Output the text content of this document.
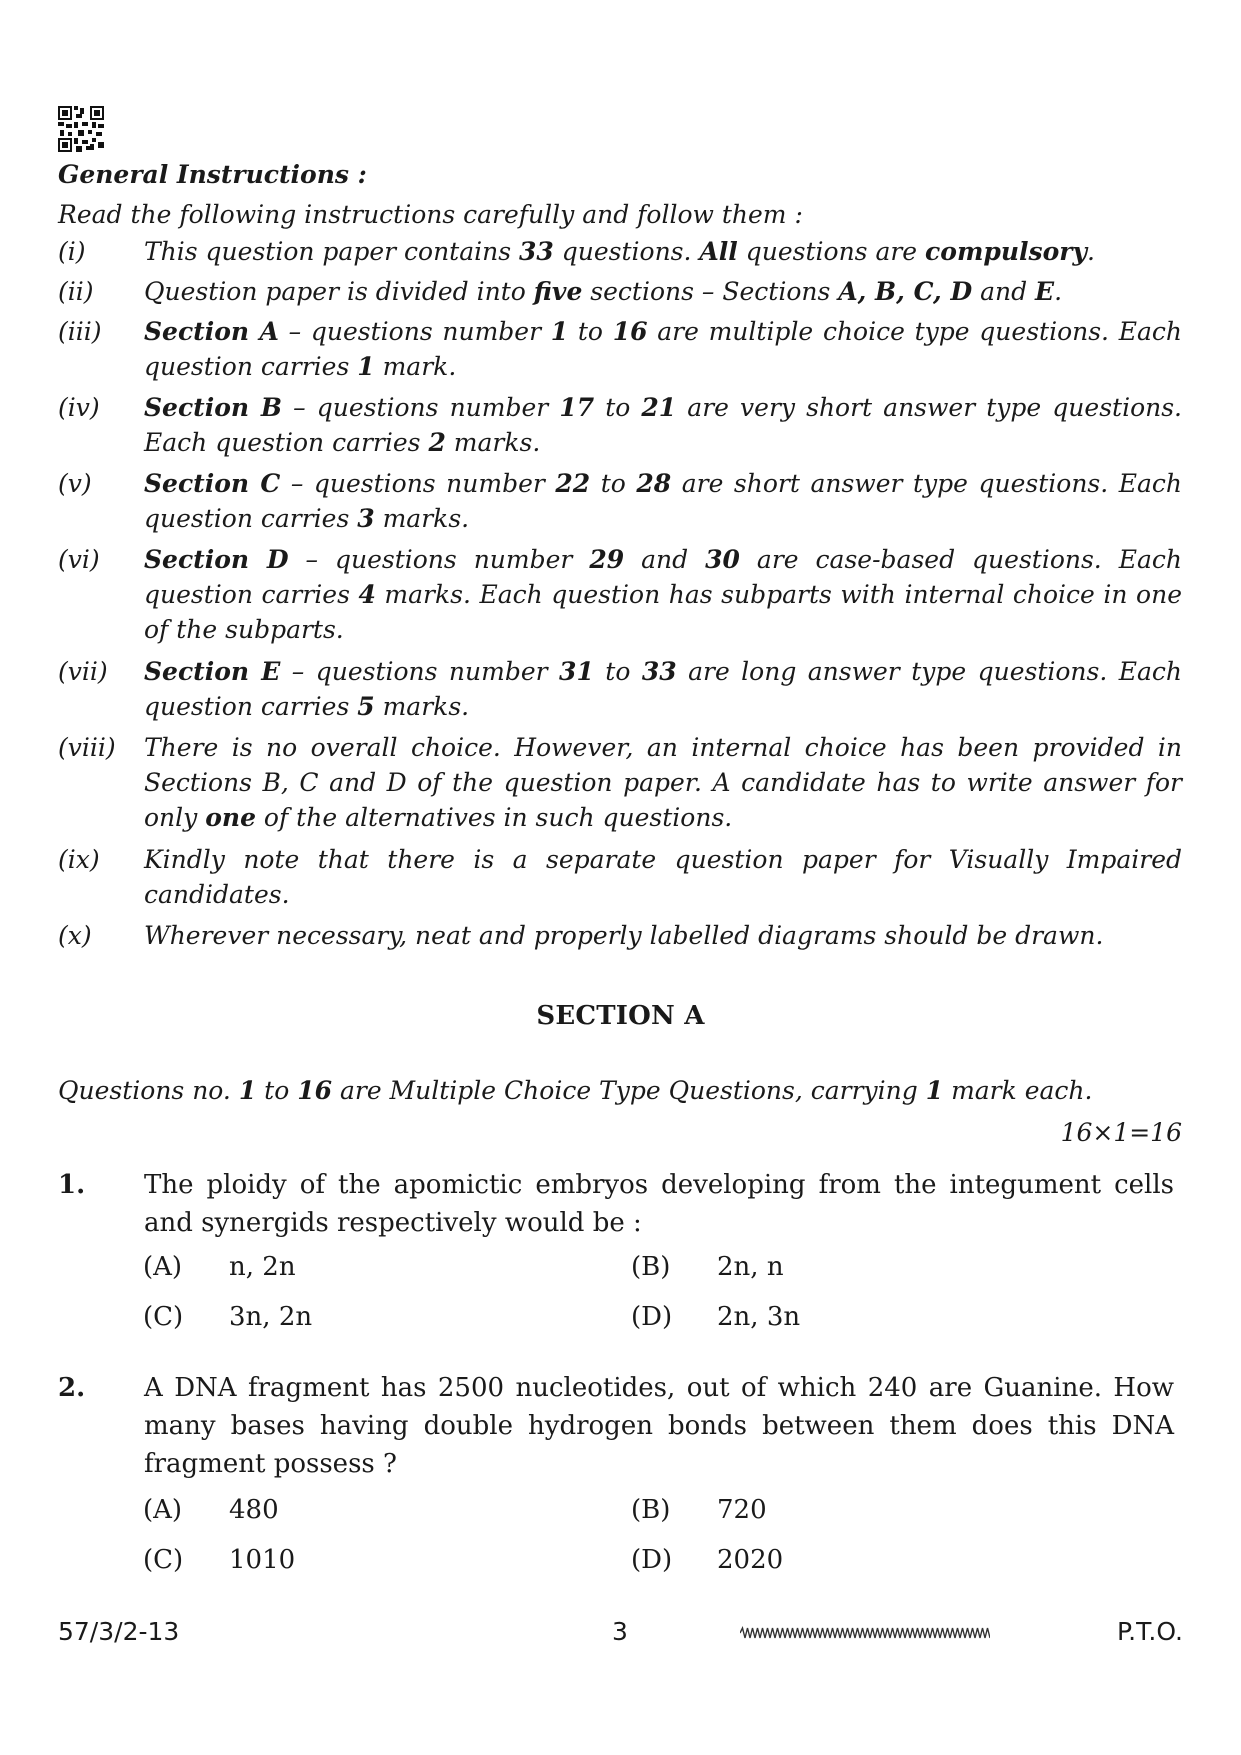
General Instructions :
Read the following instructions carefully and follow them :
(i) This question paper contains 33 questions. All questions are compulsory.
(ii) Question paper is divided into five sections – Sections A, B, C, D and E.
(iii) Section A – questions number 1 to 16 are multiple choice type questions. Each question carries 1 mark.
(iv) Section B – questions number 17 to 21 are very short answer type questions. Each question carries 2 marks.
(v) Section C – questions number 22 to 28 are short answer type questions. Each question carries 3 marks.
(vi) Section D – questions number 29 and 30 are case-based questions. Each question carries 4 marks. Each question has subparts with internal choice in one of the subparts.
(vii) Section E – questions number 31 to 33 are long answer type questions. Each question carries 5 marks.
(viii) There is no overall choice. However, an internal choice has been provided in Sections B, C and D of the question paper. A candidate has to write answer for only one of the alternatives in such questions.
(ix) Kindly note that there is a separate question paper for Visually Impaired candidates.
(x) Wherever necessary, neat and properly labelled diagrams should be drawn.
SECTION A
Questions no. 1 to 16 are Multiple Choice Type Questions, carrying 1 mark each.
16×1=16
1. The ploidy of the apomictic embryos developing from the integument cells and synergids respectively would be :
(A) n, 2n	(B) 2n, n
(C) 3n, 2n	(D) 2n, 3n
2. A DNA fragment has 2500 nucleotides, out of which 240 are Guanine. How many bases having double hydrogen bonds between them does this DNA fragment possess ?
(A) 480	(B) 720
(C) 1010	(D) 2020
57/3/2-13	3	P.T.O.
